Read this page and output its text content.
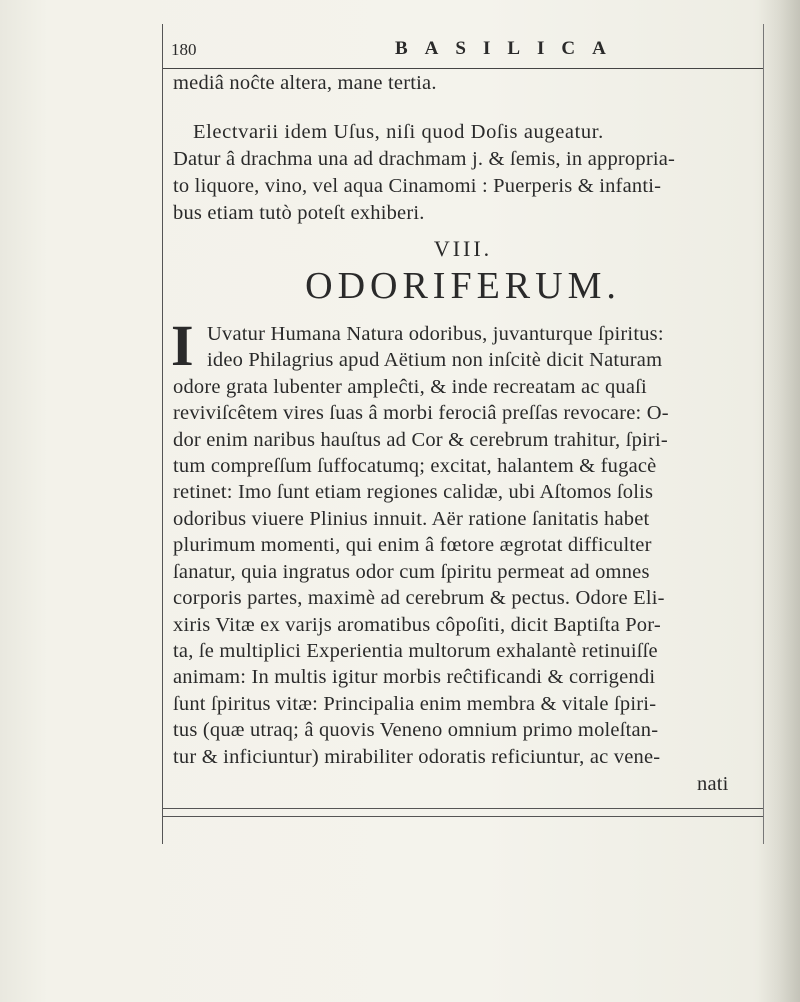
180	BASILICA
mediâ noĉte altera, mane tertia.
Electvarii idem Uſus, niſi quod Doſis augeatur.
Datur â drachma una ad drachmam j. & ſemis, in appropria-
to liquore, vino, vel aqua Cinamomi : Puerperis & infanti-
bus etiam tutò poteſt exhiberi.
VIII.
ODORIFERUM.
I Uvatur Humana Natura odoribus, juvanturque ſpiritus:
ideo Philagrius apud Aëtium non inſcitè dicit Naturam
odore grata lubenter ampleĉti, & inde recreatam ac quaſi
reviviſcêtem vires ſuas â morbi ferociâ preſſas revocare: O-
dor enim naribus hauſtus ad Cor & cerebrum trahitur, ſpiri-
tum compreſſum ſuffocatumq; excitat, halantem & fugacè
retinet: Imo ſunt etiam regiones calidæ, ubi Aſtomos ſolis
odoribus viuere Plinius innuit. Aër ratione ſanitatis habet
plurimum momenti, qui enim â fœtore ægrotat difficulter
ſanatur, quia ingratus odor cum ſpiritu permeat ad omnes
corporis partes, maximè ad cerebrum & pectus. Odore Eli-
xiris Vitæ ex varijs aromatibus côpoſiti, dicit Baptiſta Por-
ta, ſe multiplici Experientia multorum exhalantè retinuiſſe
animam: In multis igitur morbis reĉtificandi & corrigendi
ſunt ſpiritus vitæ: Principalia enim membra & vitale ſpiri-
tus (quæ utraq; â quovis Veneno omnium primo moleſtan-
tur & inficiuntur) mirabiliter odoratis reficiuntur, ac vene-
nati
